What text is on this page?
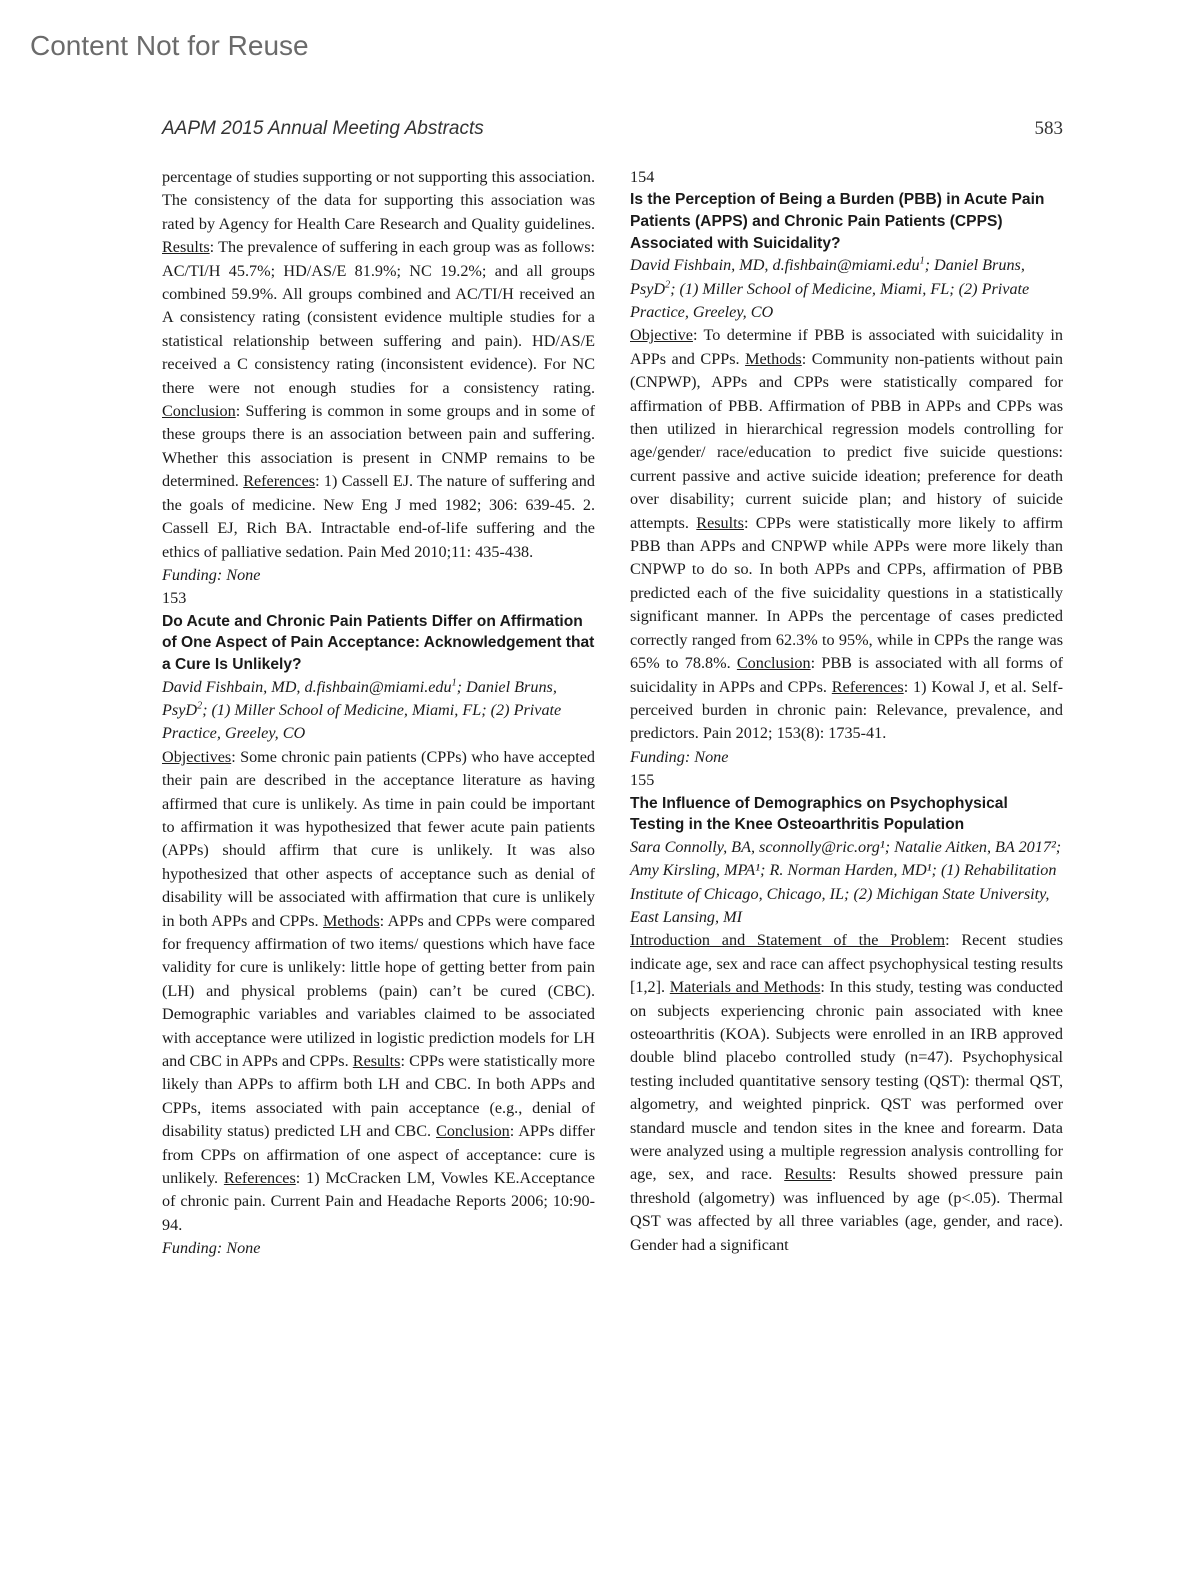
Content Not for Reuse
AAPM 2015 Annual Meeting Abstracts	583

percentage of studies supporting or not supporting this association. The consistency of the data for supporting this association was rated by Agency for Health Care Research and Quality guidelines. Results: The prevalence of suffering in each group was as follows: AC/TI/H 45.7%; HD/AS/E 81.9%; NC 19.2%; and all groups combined 59.9%. All groups combined and AC/TI/H received an A consistency rating (consistent evidence multiple studies for a statistical relationship between suffering and pain). HD/AS/E received a C consistency rating (inconsistent evidence). For NC there were not enough studies for a consistency rating. Conclusion: Suffering is common in some groups and in some of these groups there is an association between pain and suffering. Whether this association is present in CNMP remains to be determined. References: 1) Cassell EJ. The nature of suffering and the goals of medicine. New Eng J med 1982; 306: 639-45. 2. Cassell EJ, Rich BA. Intractable end-of-life suffering and the ethics of palliative sedation. Pain Med 2010;11: 435-438.

Funding: None

153

Do Acute and Chronic Pain Patients Differ on Affirmation of One Aspect of Pain Acceptance: Acknowledgement that a Cure Is Unlikely?

David Fishbain, MD, d.fishbain@miami.edu$^1$; Daniel Bruns, PsyD$^2$; (1) Miller School of Medicine, Miami, FL; (2) Private Practice, Greeley, CO

Objectives: Some chronic pain patients (CPPs) who have accepted their pain are described in the acceptance literature as having affirmed that cure is unlikely. As time in pain could be important to affirmation it was hypothesized that fewer acute pain patients (APPs) should affirm that cure is unlikely. It was also hypothesized that other aspects of acceptance such as denial of disability will be associated with affirmation that cure is unlikely in both APPs and CPPs. Methods: APPs and CPPs were compared for frequency affirmation of two items/ questions which have face validity for cure is unlikely: little hope of getting better from pain (LH) and physical problems (pain) can’t be cured (CBC). Demographic variables and variables claimed to be associated with acceptance were utilized in logistic prediction models for LH and CBC in APPs and CPPs. Results: CPPs were statistically more likely than APPs to affirm both LH and CBC. In both APPs and CPPs, items associated with pain acceptance (e.g., denial of disability status) predicted LH and CBC. Conclusion: APPs differ from CPPs on affirmation of one aspect of acceptance: cure is unlikely. References: 1) McCracken LM, Vowles KE.Acceptance of chronic pain. Current Pain and Headache Reports 2006; 10:90-94.

Funding: None

154

Is the Perception of Being a Burden (PBB) in Acute Pain Patients (APPS) and Chronic Pain Patients (CPPS) Associated with Suicidality?

David Fishbain, MD, d.fishbain@miami.edu$^1$; Daniel Bruns, PsyD$^2$; (1) Miller School of Medicine, Miami, FL; (2) Private Practice, Greeley, CO

Objective: To determine if PBB is associated with suicidality in APPs and CPPs. Methods: Community non-patients without pain (CNPWP), APPs and CPPs were statistically compared for affirmation of PBB. Affirmation of PBB in APPs and CPPs was then utilized in hierarchical regression models controlling for age/gender/ race/education to predict five suicide questions: current passive and active suicide ideation; preference for death over disability; current suicide plan; and history of suicide attempts. Results: CPPs were statistically more likely to affirm PBB than APPs and CNPWP while APPs were more likely than CNPWP to do so. In both APPs and CPPs, affirmation of PBB predicted each of the five suicidality questions in a statistically significant manner. In APPs the percentage of cases predicted correctly ranged from 62.3% to 95%, while in CPPs the range was 65% to 78.8%. Conclusion: PBB is associated with all forms of suicidality in APPs and CPPs. References: 1) Kowal J, et al. Self-perceived burden in chronic pain: Relevance, prevalence, and predictors. Pain 2012; 153(8): 1735-41.

Funding: None

155

The Influence of Demographics on Psychophysical Testing in the Knee Osteoarthritis Population

Sara Connolly, BA, sconnolly@ric.org¹; Natalie Aitken, BA 2017²; Amy Kirsling, MPA¹; R. Norman Harden, MD¹; (1) Rehabilitation Institute of Chicago, Chicago, IL; (2) Michigan State University, East Lansing, MI

Introduction and Statement of the Problem: Recent studies indicate age, sex and race can affect psychophysical testing results [1,2]. Materials and Methods: In this study, testing was conducted on subjects experiencing chronic pain associated with knee osteoarthritis (KOA). Subjects were enrolled in an IRB approved double blind placebo controlled study (n=47). Psychophysical testing included quantitative sensory testing (QST): thermal QST, algometry, and weighted pinprick. QST was performed over standard muscle and tendon sites in the knee and forearm. Data were analyzed using a multiple regression analysis controlling for age, sex, and race. Results: Results showed pressure pain threshold (algometry) was influenced by age (p<.05). Thermal QST was affected by all three variables (age, gender, and race). Gender had a significant
